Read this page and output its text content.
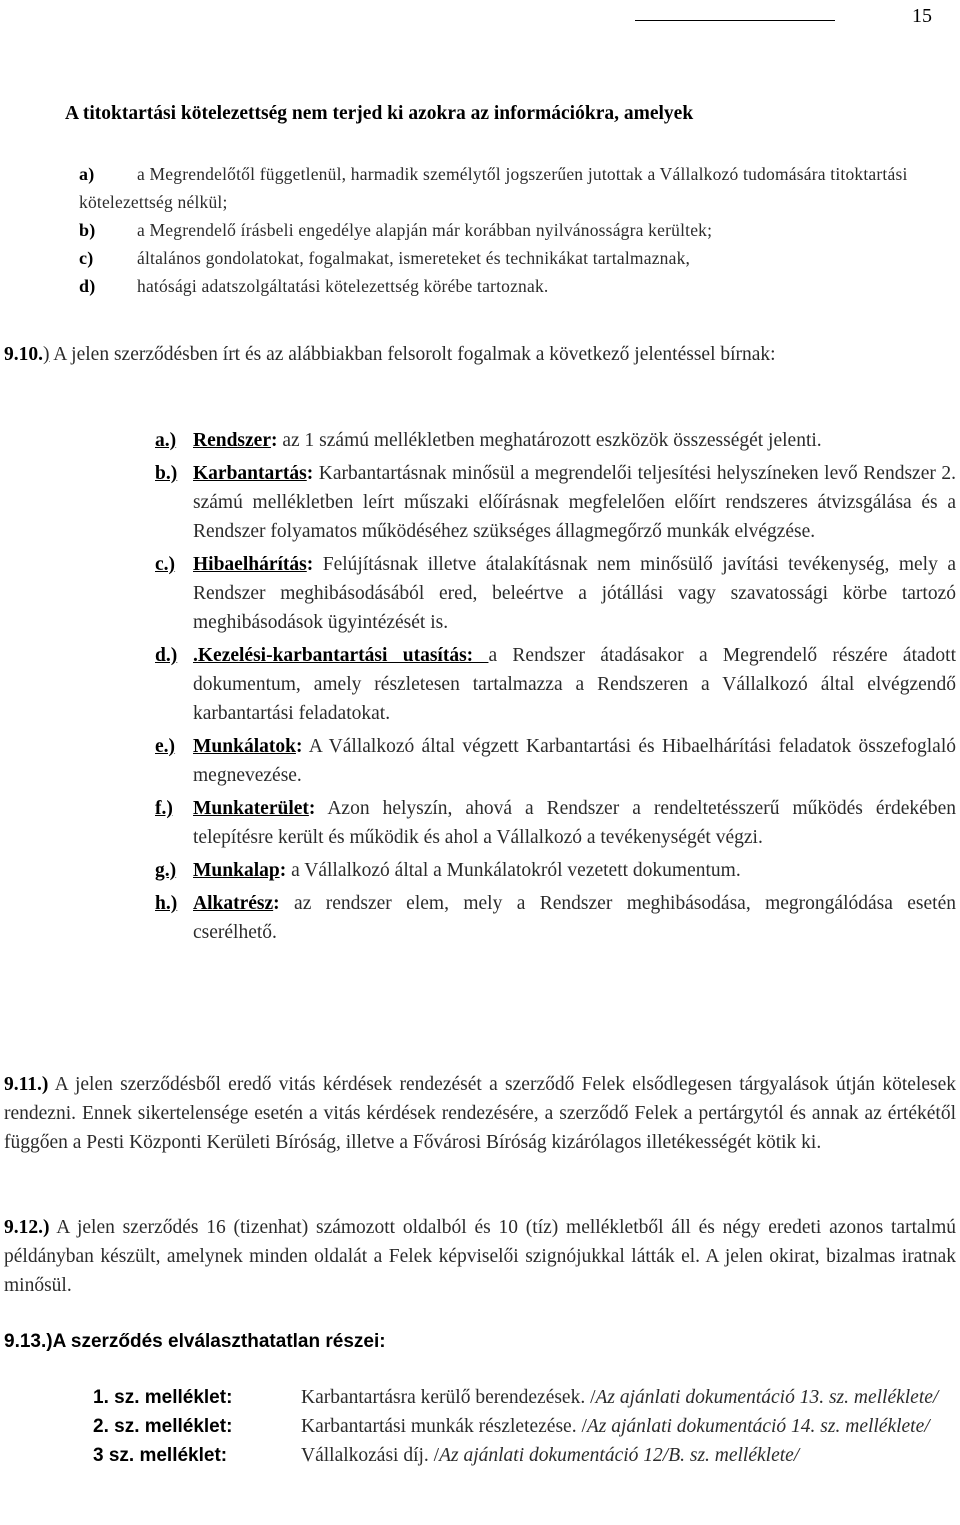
15
A titoktartási kötelezettség nem terjed ki azokra az információkra, amelyek
a)	a Megrendelőtől függetlenül, harmadik személytől jogszerűen jutottak a Vállalkozó tudomására titoktartási kötelezettség nélkül;
b) a Megrendelő írásbeli engedélye alapján már korábban nyilvánosságra kerültek;
c) általános gondolatokat, fogalmakat, ismereteket és technikákat tartalmaznak,
d) hatósági adatszolgáltatási kötelezettség körébe tartoznak.
9.10.) A jelen szerződésben írt és az alábbiakban felsorolt fogalmak a következő jelentéssel bírnak:
a.) Rendszer: az 1 számú mellékletben meghatározott eszközök összességét jelenti.
b.) Karbantartás: Karbantartásnak minősül a megrendelői teljesítési helyszíneken levő Rendszer 2. számú mellékletben leírt műszaki előírásnak megfelelően előírt rendszeres átvizsgálása és a Rendszer folyamatos működéséhez szükséges állagmegőrző munkák elvégzése.
c.) Hibaelhárítás: Felújításnak illetve átalakításnak nem minősülő javítási tevékenység, mely a Rendszer meghibásodásából ered, beleértve a jótállási vagy szavatossági körbe tartozó meghibásodások ügyintézését is.
d.) .Kezelési-karbantartási utasítás: a Rendszer átadásakor a Megrendelő részére átadott dokumentum, amely részletesen tartalmazza a Rendszeren a Vállalkozó által elvégzendő karbantartási feladatokat.
e.) Munkálatok: A Vállalkozó által végzett Karbantartási és Hibaelhárítási feladatok összefoglaló megnevezése.
f.) Munkaterület: Azon helyszín, ahová a Rendszer a rendeltetésszerű működés érdekében telepítésre került és működik és ahol a Vállalkozó a tevékenységét végzi.
g.) Munkalap: a Vállalkozó által a Munkálatokról vezetett dokumentum.
h.) Alkatrész: az rendszer elem, mely a Rendszer meghibásodása, megrongálódása esetén cserélhető.
9.11.) A jelen szerződésből eredő vitás kérdések rendezését a szerződő Felek elsődlegesen tárgyalások útján kötelesek rendezni. Ennek sikertelensége esetén a vitás kérdések rendezésére, a szerződő Felek a pertárgytól és annak az értékétől függően a Pesti Központi Kerületi Bíróság, illetve a Fővárosi Bíróság kizárólagos illetékességét kötik ki.
9.12.) A jelen szerződés 16 (tizenhat) számozott oldalból és 10 (tíz) mellékletből áll és négy eredeti azonos tartalmú példányban készült, amelynek minden oldalát a Felek képviselői szignójukkal látták el. A jelen okirat, bizalmas iratnak minősül.
9.13.)A szerződés elválaszthatatlan részei:
1. sz. melléklet:	Karbantartásra kerülő berendezések. /Az ajánlati dokumentáció 13. sz. melléklete/
2. sz. melléklet:	Karbantartási munkák részletezése. /Az ajánlati dokumentáció 14. sz. melléklete/
3 sz. melléklet:	Vállalkozási díj. /Az ajánlati dokumentáció 12/B. sz. melléklete/
